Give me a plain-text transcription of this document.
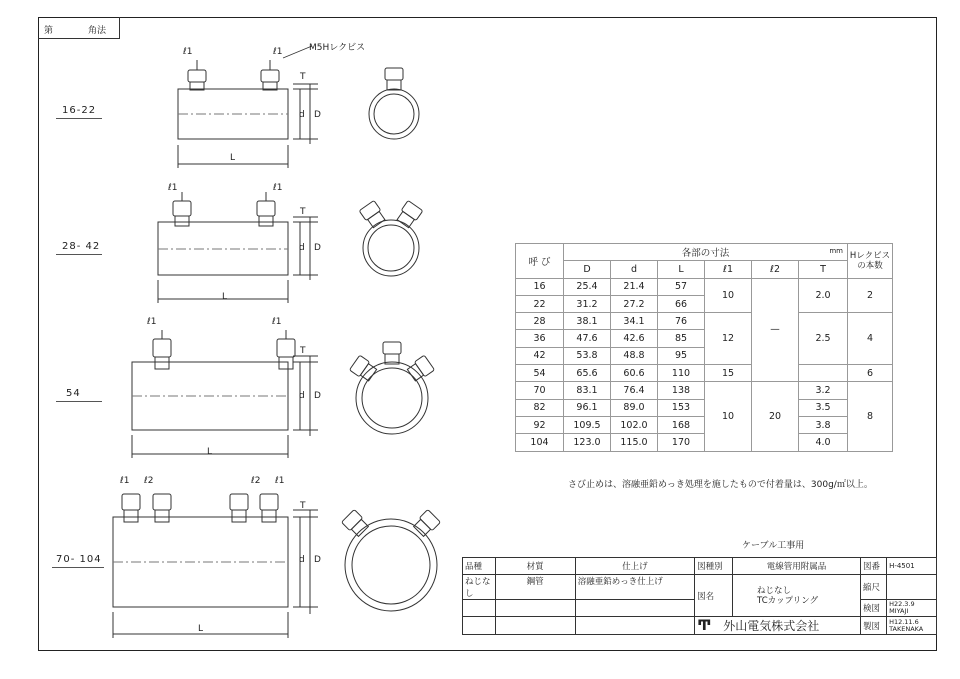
第	角法
16-22
28- 42
54
70- 104
M5Hレクビス
ℓ1	ℓ1
L
T
d D
ℓ1	ℓ1
L
T
d D
ℓ1	ℓ1
L
T
d D
ℓ1 ℓ2	ℓ2 ℓ1
L
T
d D
呼 び	各部の寸法 mm						Hレクビス の本数
	D	d	L	ℓ1	ℓ2	T	
16	25.4	21.4	57	10	—	2.0	2
22	31.2	27.2	66				
28	38.1	34.1	76	12		2.5	4
36	47.6	42.6	85				
42	53.8	48.8	95				
54	65.6	60.6	110	15			6
70	83.1	76.4	138	10	20	3.2	8
82	96.1	89.0	153			3.5	
92	109.5	102.0	168			3.8	
104	123.0	115.0	170			4.0	
さび止めは、溶融亜鉛めっき処理を施したもので付着量は、300g/㎡以上。
ケーブル工事用
品種	材質	仕上げ	図種別	電線管用附属品	図番	H-4501
ねじなし	鋼管	溶融亜鉛めっき仕上げ	図名	ねじなし
TCカップリング	縮尺	
					検図	H22.3.9
MIYAJI
			Ͳ 外山電気株式会社		製図	H12.11.6
TAKENAKA
